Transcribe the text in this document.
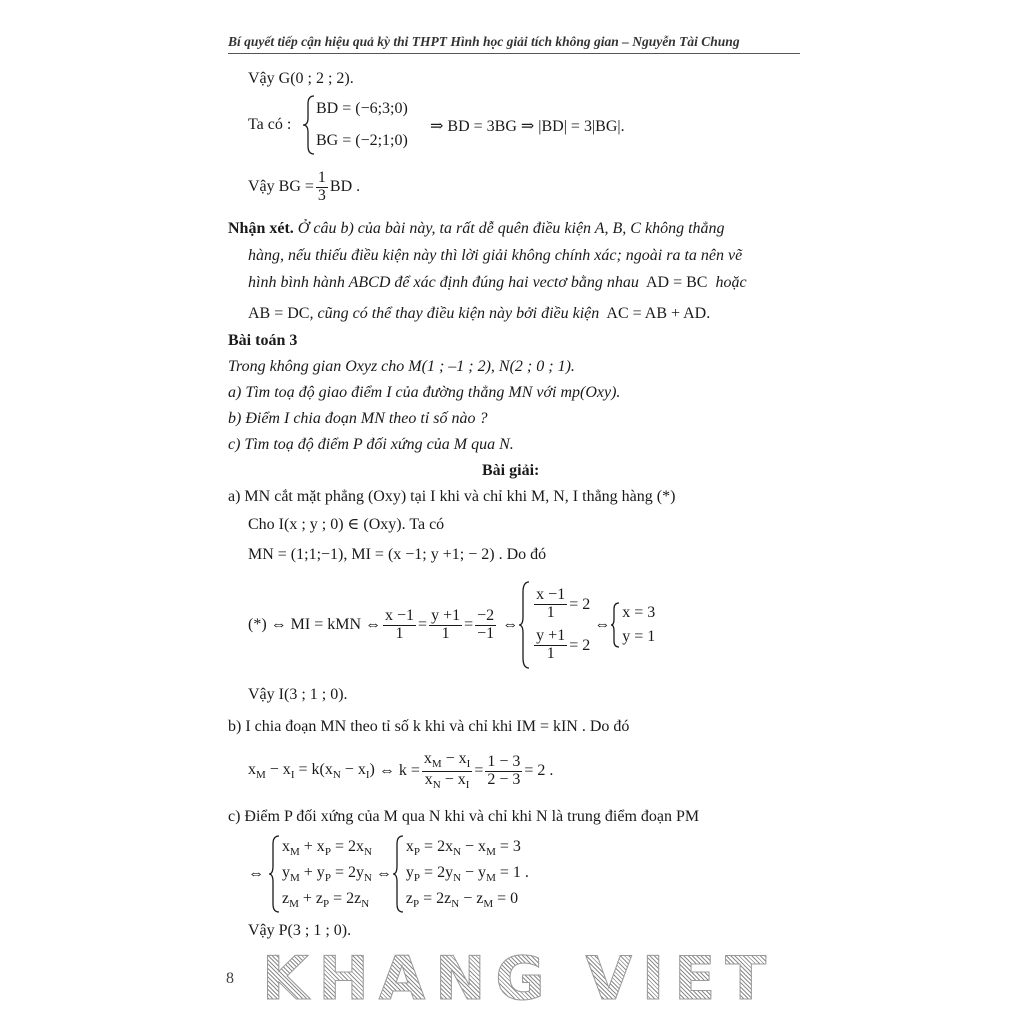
Bí quyết tiếp cận hiệu quả kỳ thi THPT Hình học giải tích không gian – Nguyễn Tài Chung
Vậy G(0 ; 2 ; 2).
Ta có :
BD = (−6;3;0)
BG = (−2;1;0)
⇒ BD = 3BG ⇒ |BD| = 3|BG|.
Vậy BG = $\frac{1}{3}$ BD .
Nhận xét. Ở câu b) của bài này, ta rất dễ quên điều kiện A, B, C không thẳng
hàng, nếu thiếu điều kiện này thì lời giải không chính xác; ngoài ra ta nên vẽ
hình bình hành ABCD để xác định đúng hai vectơ bằng nhau AD = BC hoặc
AB = DC, cũng có thể thay điều kiện này bởi điều kiện AC = AB + AD.
Bài toán 3
Trong không gian Oxyz cho M(1 ; –1 ; 2), N(2 ; 0 ; 1).
a) Tìm toạ độ giao điểm I của đường thẳng MN với mp(Oxy).
b) Điểm I chia đoạn MN theo tỉ số nào ?
c) Tìm toạ độ điểm P đối xứng của M qua N.
Bài giải:
a) MN cắt mặt phẳng (Oxy) tại I khi và chỉ khi M, N, I thẳng hàng (*)
Cho I(x ; y ; 0) ∈ (Oxy). Ta có
MN = (1;1;−1), MI = (x −1; y +1; − 2) . Do đó
(*) ⇔ MI = kMN ⇔ $\frac{x -1}{1} = \frac{y +1}{1} = \frac{-2}{-1}$ ⇔
$\frac{x -1}{1} = 2$
$\frac{y +1}{1} = 2$
⇔
x = 3
y = 1
Vậy I(3 ; 1 ; 0).
b) I chia đoạn MN theo tỉ số k khi và chỉ khi IM = kIN . Do đó
$x_M - x_I = k(x_N - x_I)$ ⇔ $k = \frac{x_M - x_I}{x_N - x_I} = \frac{1 - 3}{2 - 3} = 2$ .
c) Điểm P đối xứng của M qua N khi và chỉ khi N là trung điểm đoạn PM
⇔
$x_M + x_P = 2x_N$
$y_M + y_P = 2y_N$
$z_M + z_P = 2z_N$
⇔
$x_P = 2x_N - x_M = 3$
$y_P = 2y_N - y_M = 1$ .
$z_P = 2z_N - z_M = 0$
Vậy P(3 ; 1 ; 0).
8 KHANG VIET
